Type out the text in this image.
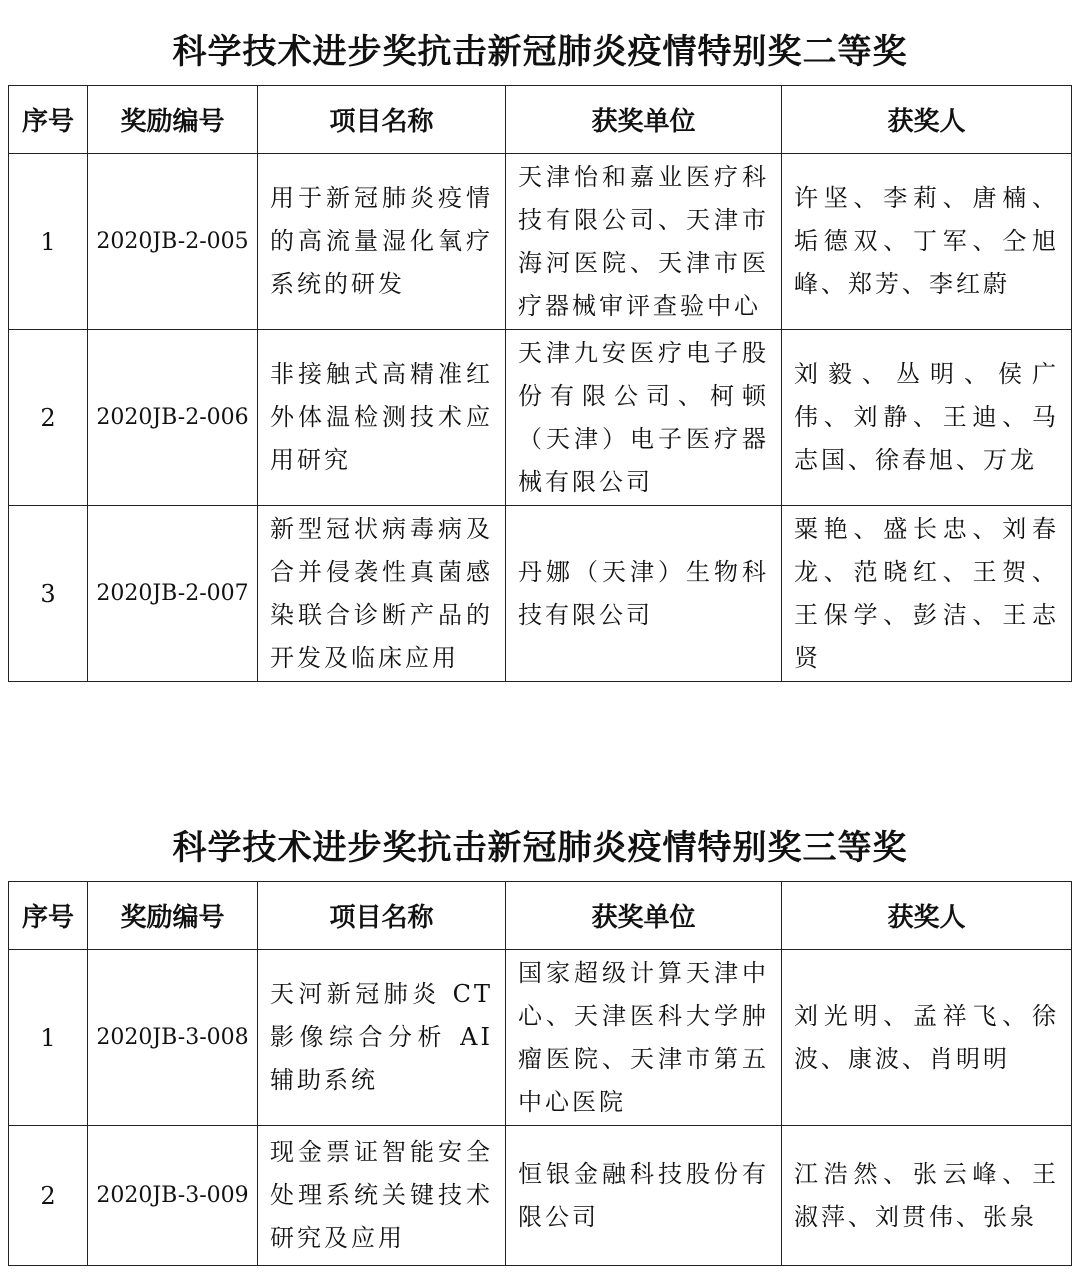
科学技术进步奖抗击新冠肺炎疫情特别奖二等奖
序号	奖励编号	项目名称	获奖单位	获奖人
1	2020JB-2-005	用于新冠肺炎疫情的高流量湿化氧疗系统的研发	天津怡和嘉业医疗科技有限公司、天津市海河医院、天津市医疗器械审评查验中心	许坚、李莉、唐楠、垢德双、丁军、仝旭峰、郑芳、李红蔚
2	2020JB-2-006	非接触式高精准红外体温检测技术应用研究	天津九安医疗电子股份有限公司、柯顿（天津）电子医疗器械有限公司	刘毅、丛明、侯广伟、刘静、王迪、马志国、徐春旭、万龙
3	2020JB-2-007	新型冠状病毒病及合并侵袭性真菌感染联合诊断产品的开发及临床应用	丹娜（天津）生物科技有限公司	粟艳、盛长忠、刘春龙、范晓红、王贺、王保学、彭洁、王志贤
科学技术进步奖抗击新冠肺炎疫情特别奖三等奖
序号	奖励编号	项目名称	获奖单位	获奖人
1	2020JB-3-008	天河新冠肺炎 CT 影像综合分析 AI 辅助系统	国家超级计算天津中心、天津医科大学肿瘤医院、天津市第五中心医院	刘光明、孟祥飞、徐波、康波、肖明明
2	2020JB-3-009	现金票证智能安全处理系统关键技术研究及应用	恒银金融科技股份有限公司	江浩然、张云峰、王淑萍、刘贯伟、张泉
